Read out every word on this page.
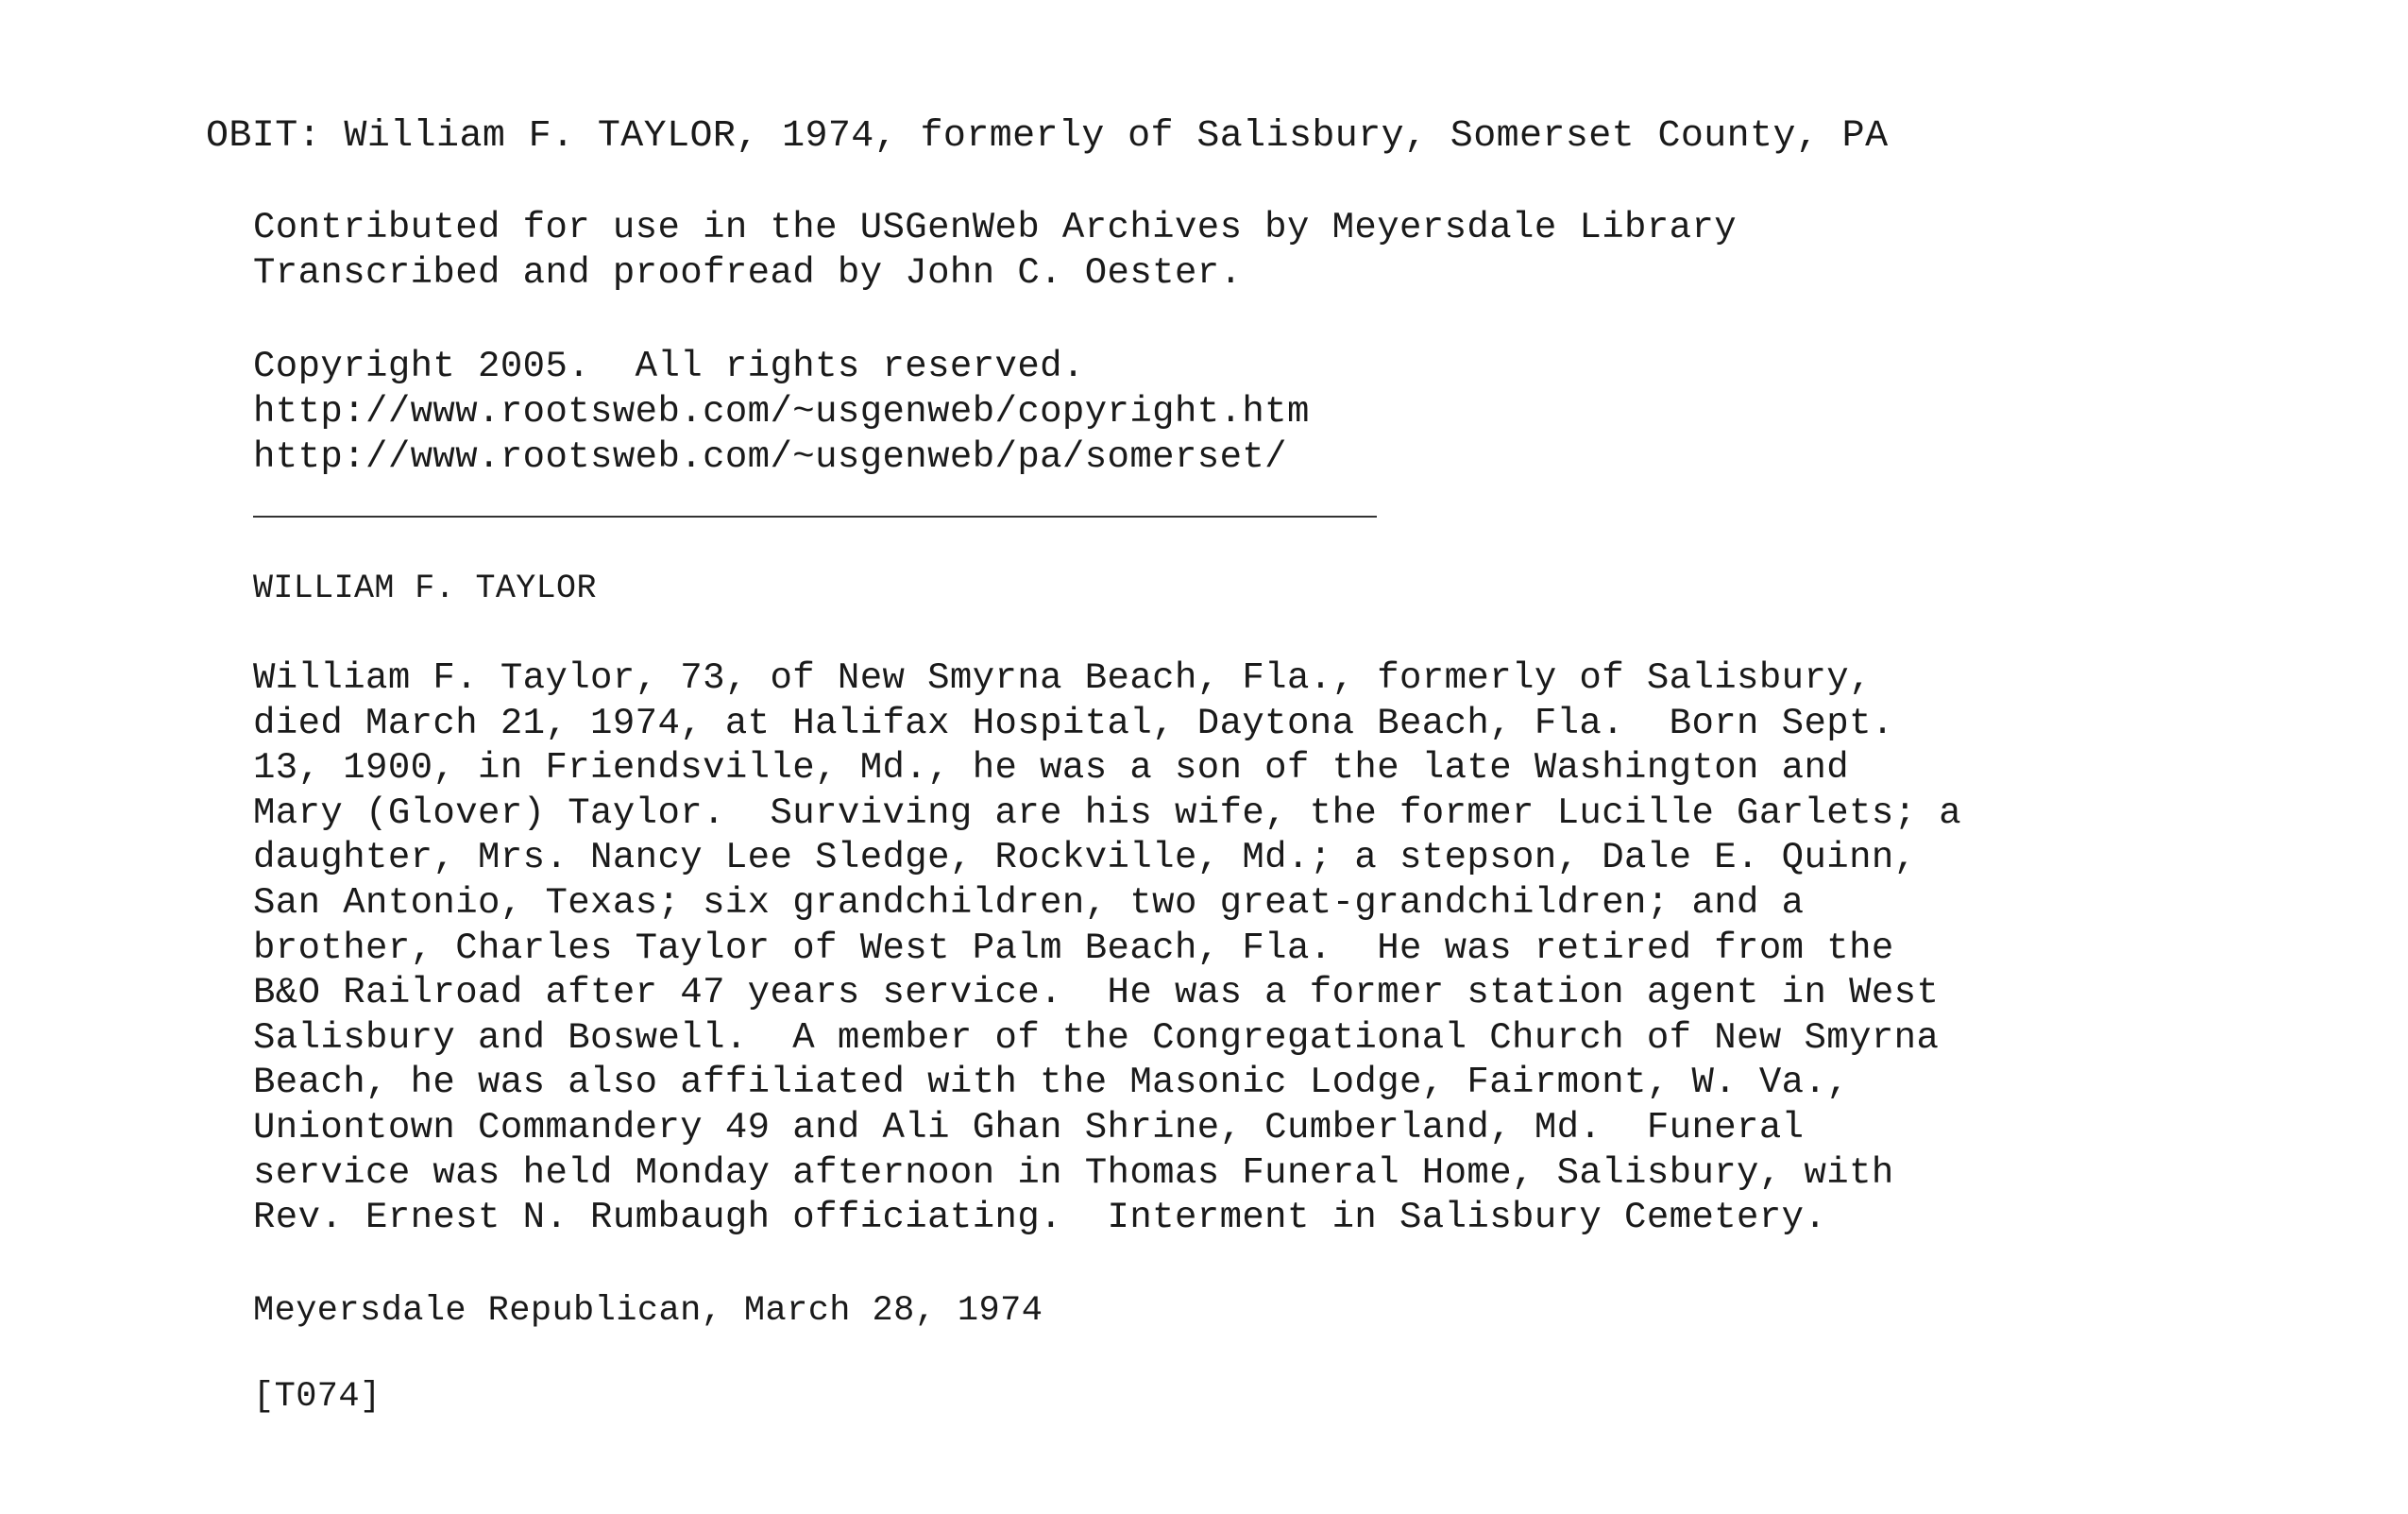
OBIT: William F. TAYLOR, 1974, formerly of Salisbury, Somerset County, PA
Contributed for use in the USGenWeb Archives by Meyersdale Library
Transcribed and proofread by John C. Oester.
Copyright 2005.  All rights reserved.
http://www.rootsweb.com/~usgenweb/copyright.htm
http://www.rootsweb.com/~usgenweb/pa/somerset/
WILLIAM F. TAYLOR
William F. Taylor, 73, of New Smyrna Beach, Fla., formerly of Salisbury,
died March 21, 1974, at Halifax Hospital, Daytona Beach, Fla.  Born Sept.
13, 1900, in Friendsville, Md., he was a son of the late Washington and
Mary (Glover) Taylor.  Surviving are his wife, the former Lucille Garlets; a
daughter, Mrs. Nancy Lee Sledge, Rockville, Md.; a stepson, Dale E. Quinn,
San Antonio, Texas; six grandchildren, two great-grandchildren; and a
brother, Charles Taylor of West Palm Beach, Fla.  He was retired from the
B&O Railroad after 47 years service.  He was a former station agent in West
Salisbury and Boswell.  A member of the Congregational Church of New Smyrna
Beach, he was also affiliated with the Masonic Lodge, Fairmont, W. Va.,
Uniontown Commandery 49 and Ali Ghan Shrine, Cumberland, Md.  Funeral
service was held Monday afternoon in Thomas Funeral Home, Salisbury, with
Rev. Ernest N. Rumbaugh officiating.  Interment in Salisbury Cemetery.
Meyersdale Republican, March 28, 1974
[T074]
